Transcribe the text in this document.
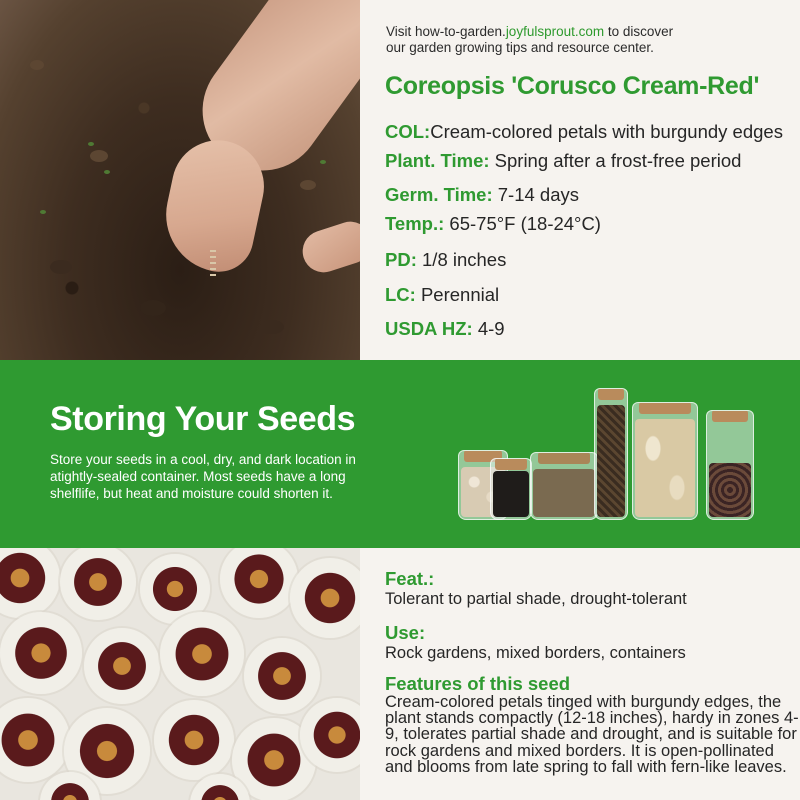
Visit how-to-garden.joyfulsprout.com to discover
our garden growing tips and resource center.
Coreopsis 'Corusco Cream-Red'
COL:Cream-colored petals with burgundy edges
Plant. Time: Spring after a frost-free period
Germ. Time: 7-14 days
Temp.: 65-75°F (18-24°C)
PD: 1/8 inches
LC: Perennial
USDA HZ: 4-9
Storing Your Seeds
Store your seeds in a cool, dry, and dark location in atightly-sealed container. Most seeds have a long shelflife, but heat and moisture could shorten it.
Feat.:
Tolerant to partial shade, drought-tolerant
Use:
Rock gardens, mixed borders, containers
Features of this seed
Cream-colored petals tinged with burgundy edges, the plant stands compactly (12-18 inches), hardy in zones 4-9, tolerates partial shade and drought, and is suitable for rock gardens and mixed borders. It is open-pollinated and blooms from late spring to fall with fern-like leaves.
